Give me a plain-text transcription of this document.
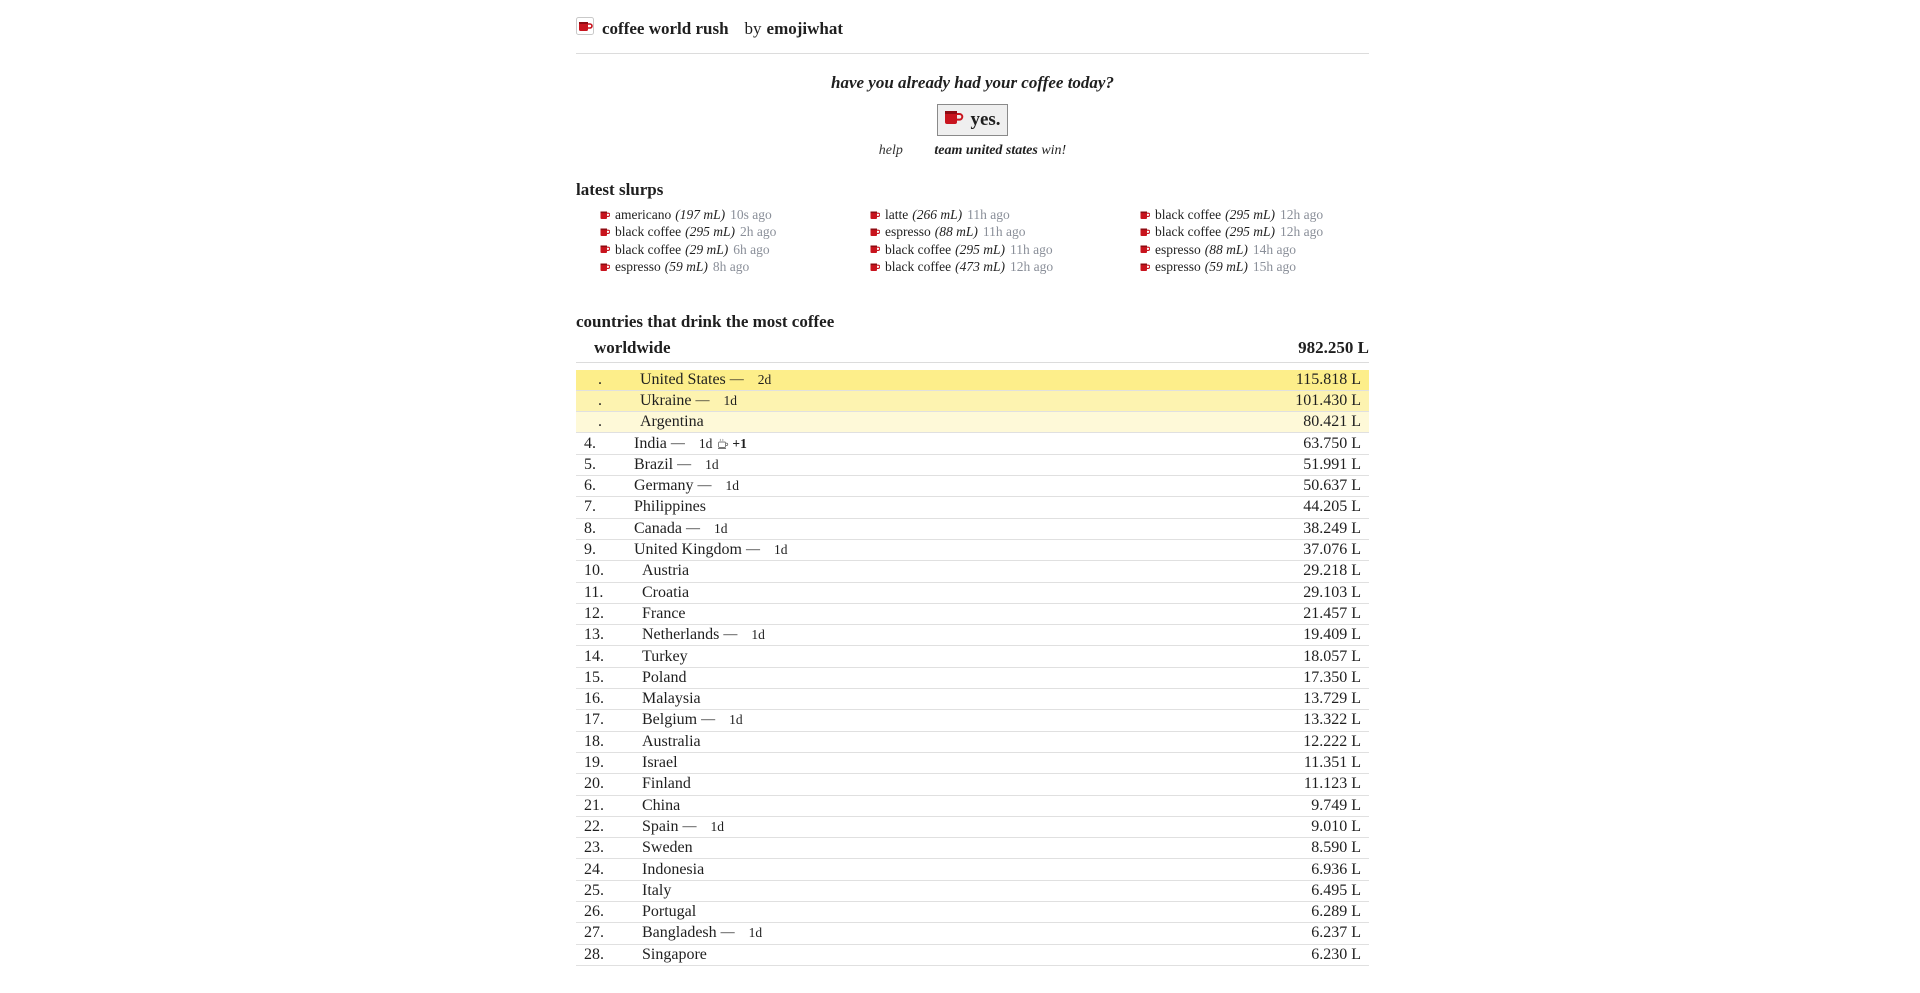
coffee world rush by emojiwhat
have you already had your coffee today?
yes.
help team united states win!
latest slurps
americano (197 mL) 10s ago
black coffee (295 mL) 2h ago
black coffee (29 mL) 6h ago
espresso (59 mL) 8h ago
latte (266 mL) 11h ago
espresso (88 mL) 11h ago
black coffee (295 mL) 11h ago
black coffee (473 mL) 12h ago
black coffee (295 mL) 12h ago
black coffee (295 mL) 12h ago
espresso (88 mL) 14h ago
espresso (59 mL) 15h ago
countries that drink the most coffee
worldwide	982.250 L
.	United States — 2d	115.818 L
.	Ukraine — 1d	101.430 L
.	Argentina	80.421 L
4.	India — 1d +1	63.750 L
5.	Brazil — 1d	51.991 L
6.	Germany — 1d	50.637 L
7.	Philippines	44.205 L
8.	Canada — 1d	38.249 L
9.	United Kingdom — 1d	37.076 L
10.	Austria	29.218 L
11.	Croatia	29.103 L
12.	France	21.457 L
13.	Netherlands — 1d	19.409 L
14.	Turkey	18.057 L
15.	Poland	17.350 L
16.	Malaysia	13.729 L
17.	Belgium — 1d	13.322 L
18.	Australia	12.222 L
19.	Israel	11.351 L
20.	Finland	11.123 L
21.	China	9.749 L
22.	Spain — 1d	9.010 L
23.	Sweden	8.590 L
24.	Indonesia	6.936 L
25.	Italy	6.495 L
26.	Portugal	6.289 L
27.	Bangladesh — 1d	6.237 L
28.	Singapore	6.230 L
